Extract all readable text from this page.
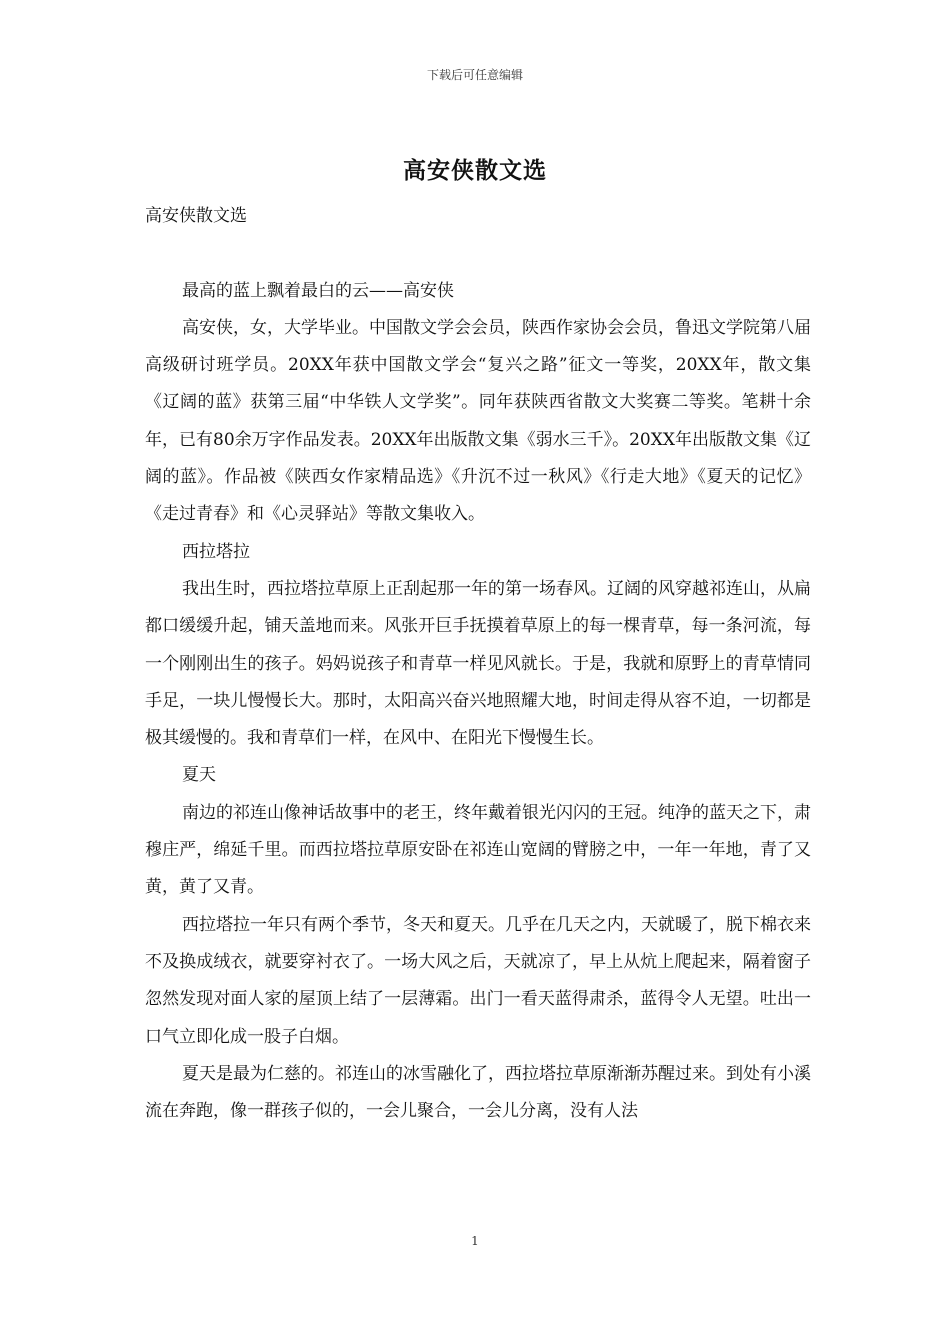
下载后可任意编辑
高安侠散文选

高安侠散文选

最高的蓝上飘着最白的云——高安侠

高安侠，女，大学毕业。中国散文学会会员，陕西作家协会会员，鲁迅文学院第八届高级研讨班学员。20XX年获中国散文学会“复兴之路”征文一等奖，20XX年，散文集《辽阔的蓝》获第三届“中华铁人文学奖”。同年获陕西省散文大奖赛二等奖。笔耕十余年，已有80余万字作品发表。20XX年出版散文集《弱水三千》。20XX年出版散文集《辽阔的蓝》。作品被《陕西女作家精品选》《升沉不过一秋风》《行走大地》《夏天的记忆》《走过青春》和《心灵驿站》等散文集收入。

西拉塔拉

我出生时，西拉塔拉草原上正刮起那一年的第一场春风。辽阔的风穿越祁连山，从扁都口缓缓升起，铺天盖地而来。风张开巨手抚摸着草原上的每一棵青草，每一条河流，每一个刚刚出生的孩子。妈妈说孩子和青草一样见风就长。于是，我就和原野上的青草情同手足，一块儿慢慢长大。那时，太阳高兴奋兴地照耀大地，时间走得从容不迫，一切都是极其缓慢的。我和青草们一样，在风中、在阳光下慢慢生长。

夏天

南边的祁连山像神话故事中的老王，终年戴着银光闪闪的王冠。纯净的蓝天之下，肃穆庄严，绵延千里。而西拉塔拉草原安卧在祁连山宽阔的臂膀之中，一年一年地，青了又黄，黄了又青。

西拉塔拉一年只有两个季节，冬天和夏天。几乎在几天之内，天就暖了，脱下棉衣来不及换成绒衣，就要穿衬衣了。一场大风之后，天就凉了，早上从炕上爬起来，隔着窗子忽然发现对面人家的屋顶上结了一层薄霜。出门一看天蓝得肃杀，蓝得令人无望。吐出一口气立即化成一股子白烟。

夏天是最为仁慈的。祁连山的冰雪融化了，西拉塔拉草原渐渐苏醒过来。到处有小溪流在奔跑，像一群孩子似的，一会儿聚合，一会儿分离，没有人法

1
